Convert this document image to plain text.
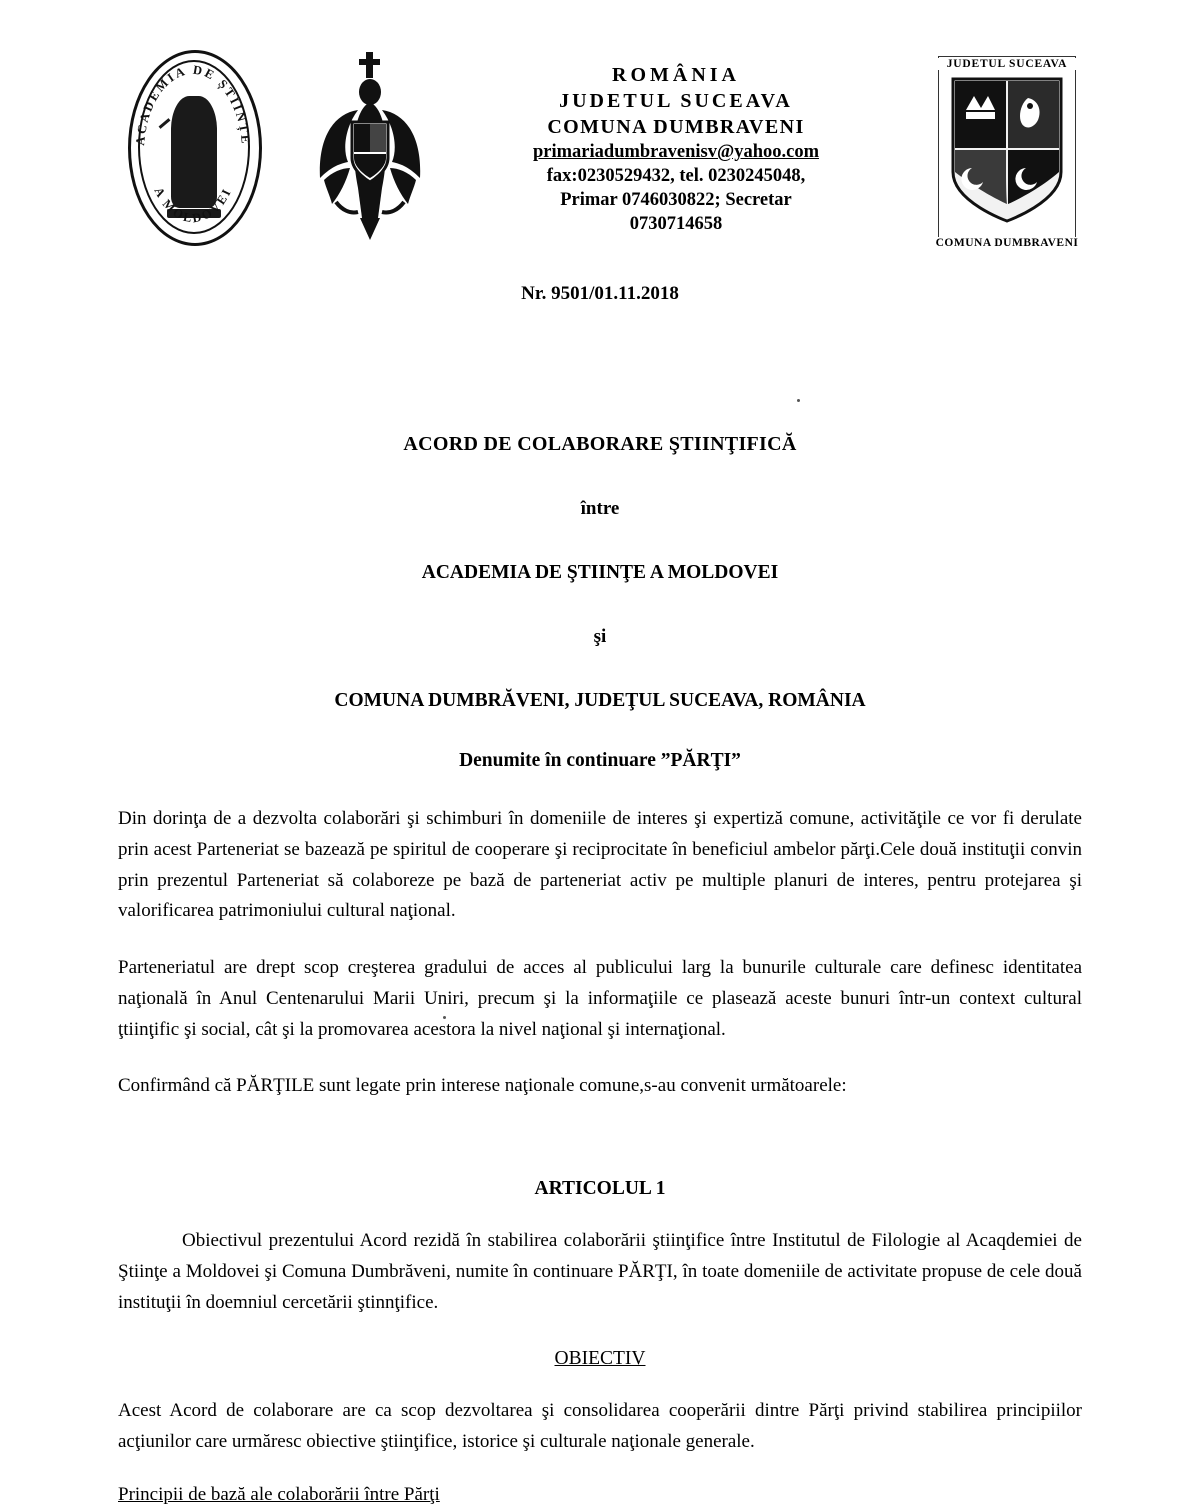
ACADEMIA DE ȘTIINȚE
A MOLDOVEI
ROMÂNIA
JUDETUL SUCEAVA
COMUNA DUMBRAVENI
primariadumbravenisv@yahoo.com
fax:0230529432, tel. 0230245048,
Primar 0746030822; Secretar
0730714658
JUDETUL SUCEAVA
COMUNA DUMBRAVENI
Nr. 9501/01.11.2018
ACORD DE COLABORARE ŞTIINŢIFICĂ
între
ACADEMIA DE ŞTIINŢE A MOLDOVEI
şi
COMUNA DUMBRĂVENI, JUDEŢUL SUCEAVA, ROMÂNIA
Denumite în continuare ”PĂRŢI”

Din dorinţa de a dezvolta colaborări şi schimburi în domeniile de interes şi expertiză comune, activităţile ce vor fi derulate prin acest Parteneriat se bazează pe spiritul de cooperare şi reciprocitate în beneficiul ambelor părţi.Cele două instituţii convin prin prezentul Parteneriat să colaboreze pe bază de parteneriat activ pe multiple planuri de interes, pentru protejarea şi valorificarea patrimoniului cultural naţional.

Parteneriatul are drept scop creşterea gradului de acces al publicului larg la bunurile culturale care definesc identitatea naţională în Anul Centenarului Marii Uniri, precum şi la informaţiile ce plasează aceste bunuri într-un context cultural ţtiinţific şi social, cât şi la promovarea acestora la nivel naţional şi internaţional.

Confirmând că PĂRŢILE sunt legate prin interese naţionale comune,s-au convenit următoarele:

ARTICOLUL 1

Obiectivul prezentului Acord rezidă în stabilirea colaborării ştiinţifice între Institutul de Filologie al Acaqdemiei de Ştiinţe a Moldovei şi Comuna Dumbrăveni, numite în continuare PĂRŢI, în toate domeniile de activitate propuse de cele două instituţii în doemniul cercetării ştinnţifice.

OBIECTIV

Acest Acord de colaborare are ca scop dezvoltarea şi consolidarea cooperării dintre Părţi privind stabilirea principiilor acţiunilor care urmăresc obiective ştiinţifice, istorice şi culturale naţionale generale.

Principii de bază ale colaborării între Părţi
